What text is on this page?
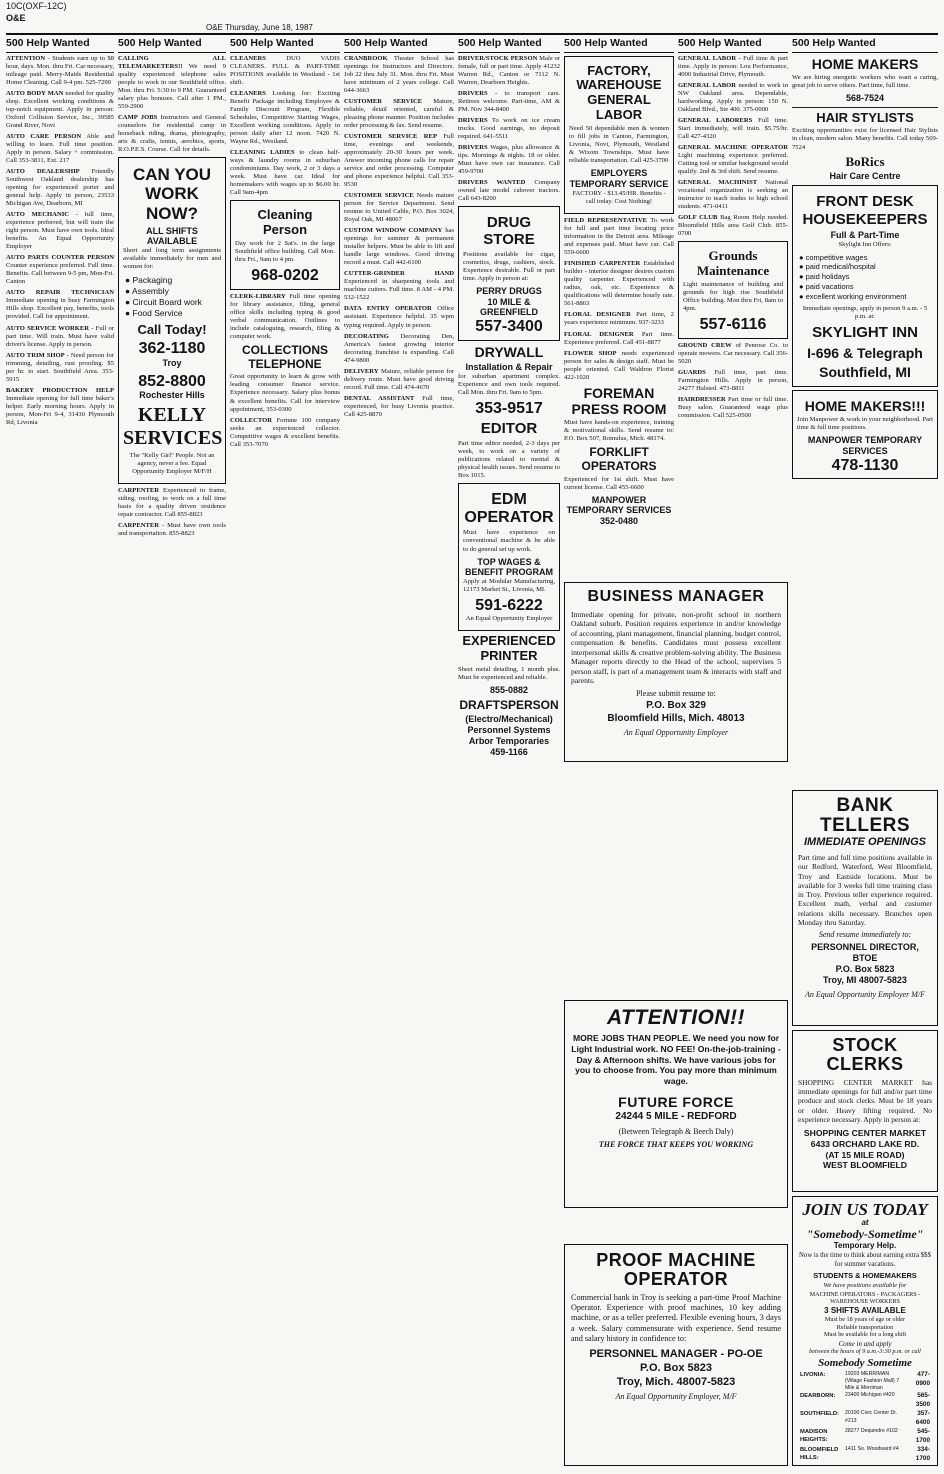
10C(OXF-12C)
O&E
O&E Thursday, June 18, 1987
500 Help Wanted

ATTENTION - Students earn up to $8 hour, days. Mon. thru Fri. Car necessary, mileage paid. Merry-Maids Residential Home Cleaning. Call 9-4 pm. 525-7290

AUTO BODY MAN needed for quality shop. Excellent working conditions & top-notch equipment. Apply in person: Oxford Collision Service, Inc., 39585 Grand River, Novi

AUTO CARE PERSON Able and willing to learn. Full time position. Apply in person. Salary + commission. Call 353-3811, Ext. 217

AUTO DEALERSHIP Friendly Southwest Oakland dealership has opening for experienced porter and general help. Apply in person, 23533 Michigan Ave, Dearborn, MI

AUTO MECHANIC - full time, experience preferred, but will train the right person. Must have own tools. Ideal benefits. An Equal Opportunity Employer

AUTO PARTS COUNTER PERSON Counter experience preferred. Full time. Benefits. Call between 9-5 pm, Mon-Fri. Canton

AUTO REPAIR TECHNICIAN Immediate opening in busy Farmington Hills shop. Excellent pay, benefits, tools provided. Call for appointment.

AUTO SERVICE WORKER - Full or part time. Will train. Must have valid driver's license. Apply in person.

AUTO TRIM SHOP - Need person for trimming, detailing, rust proofing. $5 per hr. to start. Southfield Area. 353-5915

BAKERY PRODUCTION HELP Immediate opening for full time baker's helper. Early morning hours. Apply in person, Mon-Fri 9-4, 31430 Plymouth Rd, Livonia

500 Help Wanted

CALLING ALL TELEMARKETERS!! We need 9 quality experienced telephone sales people to work in our Southfield office. Mon. thru Fri. 5:30 to 9 PM. Guaranteed salary plus bonuses. Call after 1 PM., 559-2900

CAMP JOBS Instructors and General counselors for residential camp in horseback riding, drama, photography, arts & crafts, tennis, aerobics, sports, R.O.P.E.S. Course. Call for details.

CAN YOU WORK NOW?
ALL SHIFTS AVAILABLE

Short and long term assignments available immediately for men and women for:

● Packaging
● Assembly
● Circuit Board work
● Food Service
Call Today!
362-1180
Troy
852-8800
Rochester Hills
KELLY SERVICES

The "Kelly Girl" People. Not an agency, never a fee. Equal Opportunity Employer M/F/H

CARPENTER Experienced in frame, siding, roofing, to work on a full time basis for a quality driven residence repair contractor. Call 855-8823

CARPENTER - Must have own tools and transportation. 855-8823

500 Help Wanted

CLEANERS	DUO VADIS CLEANERS. FULL & PART-TIME POSITIONS available in Westland - 1st shift.

CLEANERS Looking for: Exciting Benefit Package including Employee & Family Discount Program, Flexible Schedules, Competitive Starting Wages, Excellent working conditions. Apply in person daily after 12 noon. 7420 N. Wayne Rd., Westland.

CLEANING LADIES to clean half-ways & laundry rooms in suburban condominiums. Day work, 2 or 3 days a week. Must have car. Ideal for homemakers with wages up to $6.00 hr. Call 9am-4pm

Cleaning Person

Day work for 2 Sat's. in the large Southfield office building. Call Mon. thru Fri., 9am to 4 pm.

968-0202

CLERK-LIBRARY Full time opening for library assistance, filing, general office skills including typing & good verbal communication. Outlines to include cataloguing, research, filing & computer work.

COLLECTIONS TELEPHONE

Great opportunity to learn & grow with leading consumer finance service. Experience necessary. Salary plus bonus & excellent benefits. Call for interview appointment, 353-0300

COLLECTOR Fortune 100 company seeks an experienced collector. Competitive wages & excellent benefits. Call 353-7070

500 Help Wanted

CRANBROOK Theater School has openings for Instructors and Directors. Job 22 thru July 31. Mon. thru Fri. Must have minimum of 2 years college. Call 644-3663

CUSTOMER SERVICE Mature, reliable, detail oriented, careful & pleasing phone manner. Position includes order processing & fax. Send resume.

CUSTOMER SERVICE REP Full time, evenings and weekends, approximately 20-30 hours per week. Answer incoming phone calls for repair service and order processing. Computer and phone experience helpful. Call 353-9530

CUSTOMER SERVICE Needs mature person for Service Department. Send resume to United Cable, P.O. Box 3024, Royal Oak, MI 48067

CUSTOM WINDOW COMPANY has openings for summer & permanent installer helpers. Must be able to lift and handle large windows. Good driving record a must. Call 442-6100

CUTTER-GRINDER HAND Experienced in sharpening tools and machine cutters. Full time. 8 AM - 4 PM. 532-1522

DATA ENTRY OPERATOR Office assistant. Experience helpful. 35 wpm typing required. Apply in person.

DECORATING Decorating Den, America's fastest growing interior decorating franchise is expanding. Call 474-9800

DELIVERY Mature, reliable person for delivery route. Must have good driving record. Full time. Call 474-4670

DENTAL ASSISTANT Full time, experienced, for busy Livonia practice. Call 425-8870

500 Help Wanted

DRIVER/STOCK PERSON Male or female, full or part time. Apply 41232 Warren Rd., Canton or 7112 N. Warren, Dearborn Heights.

DRIVERS - to transport cars. Retirees welcome. Part-time, AM & PM. Nov 344-8400

DRIVERS To work on ice cream trucks. Good earnings, no deposit required. 641-5511

DRIVERS Wages, plus allowance & tips. Mornings & nights. 18 or older. Must have own car insurance. Call 459-9700

DRIVERS WANTED Company owned late model cabover tractors. Call 643-8200

DRUG STORE

Positions available for cigar, cosmetics, drugs, cashiers, stock. Experience desirable. Full or part time. Apply in person at:

PERRY DRUGS
10 MILE & GREENFIELD
557-3400
DRYWALL
Installation & Repair

for suburban apartment complex. Experience and own tools required. Call Mon. thru Fri. 9am to 5pm.

353-9517
EDITOR

Part time editor needed, 2-3 days per week, to work on a variety of publications related to mental & physical health issues. Send resume to Box 1015.

EDM OPERATOR

Must have experience on conventional machine & be able to do general set up work.

TOP WAGES & BENEFIT PROGRAM

Apply at Modular Manufacturing, 12173 Market St., Livonia, MI.

591-6222

An Equal Opportunity Employer

EXPERIENCED PRINTER

Sheet metal detailing, 1 month plus. Must be experienced and reliable.

855-0882
DRAFTSPERSON
(Electro/Mechanical)
Personnel Systems Arbor Temporaries
459-1166
500 Help Wanted
FACTORY, WAREHOUSE GENERAL LABOR

Need 50 dependable men & women to fill jobs in Canton, Farmington, Livonia, Novi, Plymouth, Westland & Wixom Townships. Must have reliable transportation. Call 425-3700

EMPLOYERS TEMPORARY SERVICE

FACTORY - $13.45/HR. Benefits - call today. Cost Nothing!

FIELD REPRESENTATIVE To work for full and part time locating price information in the Detroit area. Mileage and expenses paid. Must have car. Call 559-6600

FINISHED CARPENTER Established builder - interior designer desires custom quality carpenter. Experienced with radius, oak, etc. Experience & qualifications will determine hourly rate. 561-8863

FLORAL DESIGNER Part time, 2 years experience minimum. 937-3233

FLORAL DESIGNER Part time. Experience preferred. Call 451-8877

FLOWER SHOP needs experienced person for sales & design staff. Must be people oriented. Call Waldron Florist 422-1020

FOREMAN PRESS ROOM

Must have hands-on experience, training & motivational skills. Send resume to: P.O. Box 507, Romulus, Mich. 48174.

FORKLIFT OPERATORS

Experienced for 1st shift. Must have current license. Call 455-6600

MANPOWER TEMPORARY SERVICES
352-0480
500 Help Wanted

GENERAL LABOR - Full time & part time. Apply in person: Lou Performance, 4000 Industrial Drive, Plymouth.

GENERAL LABOR needed to work in NW Oakland area. Dependable, hardworking. Apply in person: 150 N. Oakland Blvd., Ste 400. 375-0000

GENERAL LABORERS Full time. Start immediately, will train. $5.75/hr. Call 427-4320

GENERAL MACHINE OPERATOR Light machining experience preferred. Cutting tool or similar background would qualify. 2nd & 3rd shift. Send resume.

GENERAL MACHINIST National vocational organization is seeking an instructor to teach trades to high school students. 471-0411

GOLF CLUB Bag Room Help needed. Bloomfield Hills area Golf Club. 855-0700

Grounds Maintenance

Light maintenance of building and grounds for high rise Southfield Office building. Mon thru Fri, 8am to 4pm.

557-6116

GROUND CREW of Penrose Co. to operate mowers. Car necessary. Call 356-5020

GUARDS Full time, part time. Farmington Hills. Apply in person, 24277 Halsted. 473-8811

HAIRDRESSER Part time or full time. Busy salon. Guaranteed wage plus commission. Call 525-0500

500 Help Wanted
HOME MAKERS

We are hiring energetic workers who want a caring, great job to serve others. Part time, full time.

568-7524
HAIR STYLISTS

Exciting opportunities exist for licensed Hair Stylists in clean, modern salon. Many benefits. Call today 569-7524

BoRics
Hair Care Centre
FRONT DESK HOUSEKEEPERS
Full & Part-Time

Skylight Inn Offers:

● competitive wages
● paid medical/hospital
● paid holidays
● paid vacations
● excellent working environment

Immediate openings, apply in person 9 a.m. - 5 p.m. at:

SKYLIGHT INN
I-696 & Telegraph
Southfield, MI
HOME MAKERS!!!

Join Manpower & work in your neighborhood. Part time & full time positions.

MANPOWER TEMPORARY SERVICES
478-1130
BUSINESS MANAGER

Immediate opening for private, non-profit school in northern Oakland suburb. Position requires experience in and/or knowledge of accounting, plant management, financial planning, budget control, compensation & benefits. Candidates must possess excellent interpersonal skills & creative problem-solving ability. The Business Manager reports directly to the Head of the school, supervises 5 person staff, is part of a management team & interacts with staff and parents.

Please submit resume to:

P.O. Box 329
Bloomfield Hills, Mich. 48013

An Equal Opportunity Employer

ATTENTION!!

MORE JOBS THAN PEOPLE. We need you now for Light Industrial work. NO FEE! On-the-job-training - Day & Afternoon shifts. We have various jobs for you to choose from. You pay more than minimum wage.

FUTURE FORCE
24244 5 MILE - REDFORD

(Between Telegraph & Beech Daly)

THE FORCE THAT KEEPS YOU WORKING

PROOF MACHINE OPERATOR

Commercial bank in Troy is seeking a part-time Proof Machine Operator. Experience with proof machines, 10 key adding machine, or as a teller preferred. Flexible evening hours, 3 days a week. Salary commensurate with experience. Send resume and salary history in confidence to:

PERSONNEL MANAGER - PO-OE
P.O. Box 5823
Troy, Mich. 48007-5823

An Equal Opportunity Employer, M/F

BANK TELLERS
IMMEDIATE OPENINGS

Part time and full time positions available in our Redford, Waterford, West Bloomfield, Troy and Eastside locations. Must be available for 3 weeks full time training class in Troy. Previous teller experience required. Excellent math, verbal and customer relations skills necessary. Branches open Monday thru Saturday.

Send resume immediately to:

PERSONNEL DIRECTOR, BTOE
P.O. Box 5823
Troy, MI 48007-5823

An Equal Opportunity Employer M/F

STOCK CLERKS

SHOPPING CENTER MARKET has immediate openings for full and/or part time produce and stock clerks. Must be 18 years or older. Heavy lifting required. No experience necessary. Apply in person at:

SHOPPING CENTER MARKET
6433 ORCHARD LAKE RD.
(AT 15 MILE ROAD)
WEST BLOOMFIELD
JOIN US TODAY
at
"Somebody-Sometime"
Temporary Help.

Now is the time to think about earning extra $$$ for summer vacations.

STUDENTS & HOMEMAKERS

We have positions available for

MACHINE OPERATORS - PACKAGERS - WAREHOUSE WORKERS

3 SHIFTS AVAILABLE

Must be 18 years of age or older

Reliable transportation

Must be available for a long shift

Come in and apply

between the hours of 9 a.m.-3:30 p.m. or call

Somebody Sometime
LIVONIA:	19203 MERRIMAN (Village Fashion Mall) 7 Mile & Merriman	477-0900
DEARBORN:	23400 Michigan #420	565-3500
SOUTHFIELD:	20100 Civic Center Dr. #213	357-6400
MADISON HEIGHTS:	28277 Dequindre #102	545-1700
BLOOMFIELD HILLS:	1411 So. Woodward #4	334-1700
